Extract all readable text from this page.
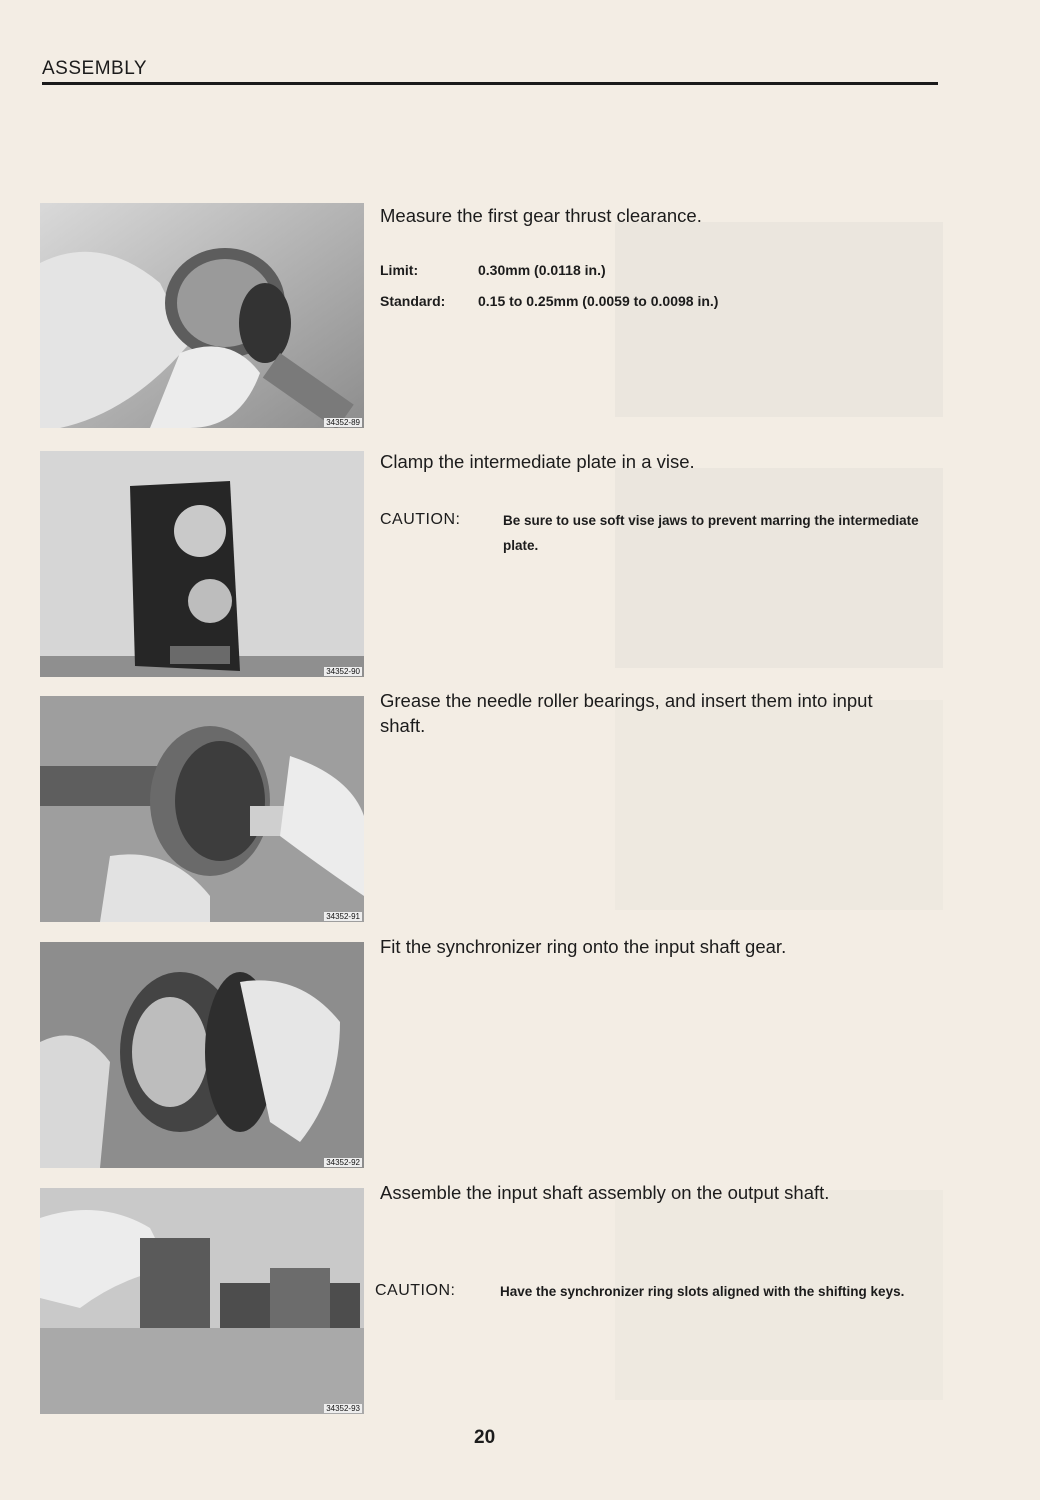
ASSEMBLY
34352-89
Measure the first gear thrust clearance.
Limit:	0.30mm (0.0118 in.)
Standard: 0.15 to 0.25mm (0.0059 to 0.0098 in.)
34352-90
Clamp the intermediate plate in a vise.
CAUTION:	Be sure to use soft vise jaws to prevent marring the intermediate plate.
34352-91
Grease the needle roller bearings, and insert them into input shaft.
34352-92
Fit the synchronizer ring onto the input shaft gear.
34352-93
Assemble the input shaft assembly on the output shaft.
CAUTION:	Have the synchronizer ring slots aligned with the shifting keys.
20
